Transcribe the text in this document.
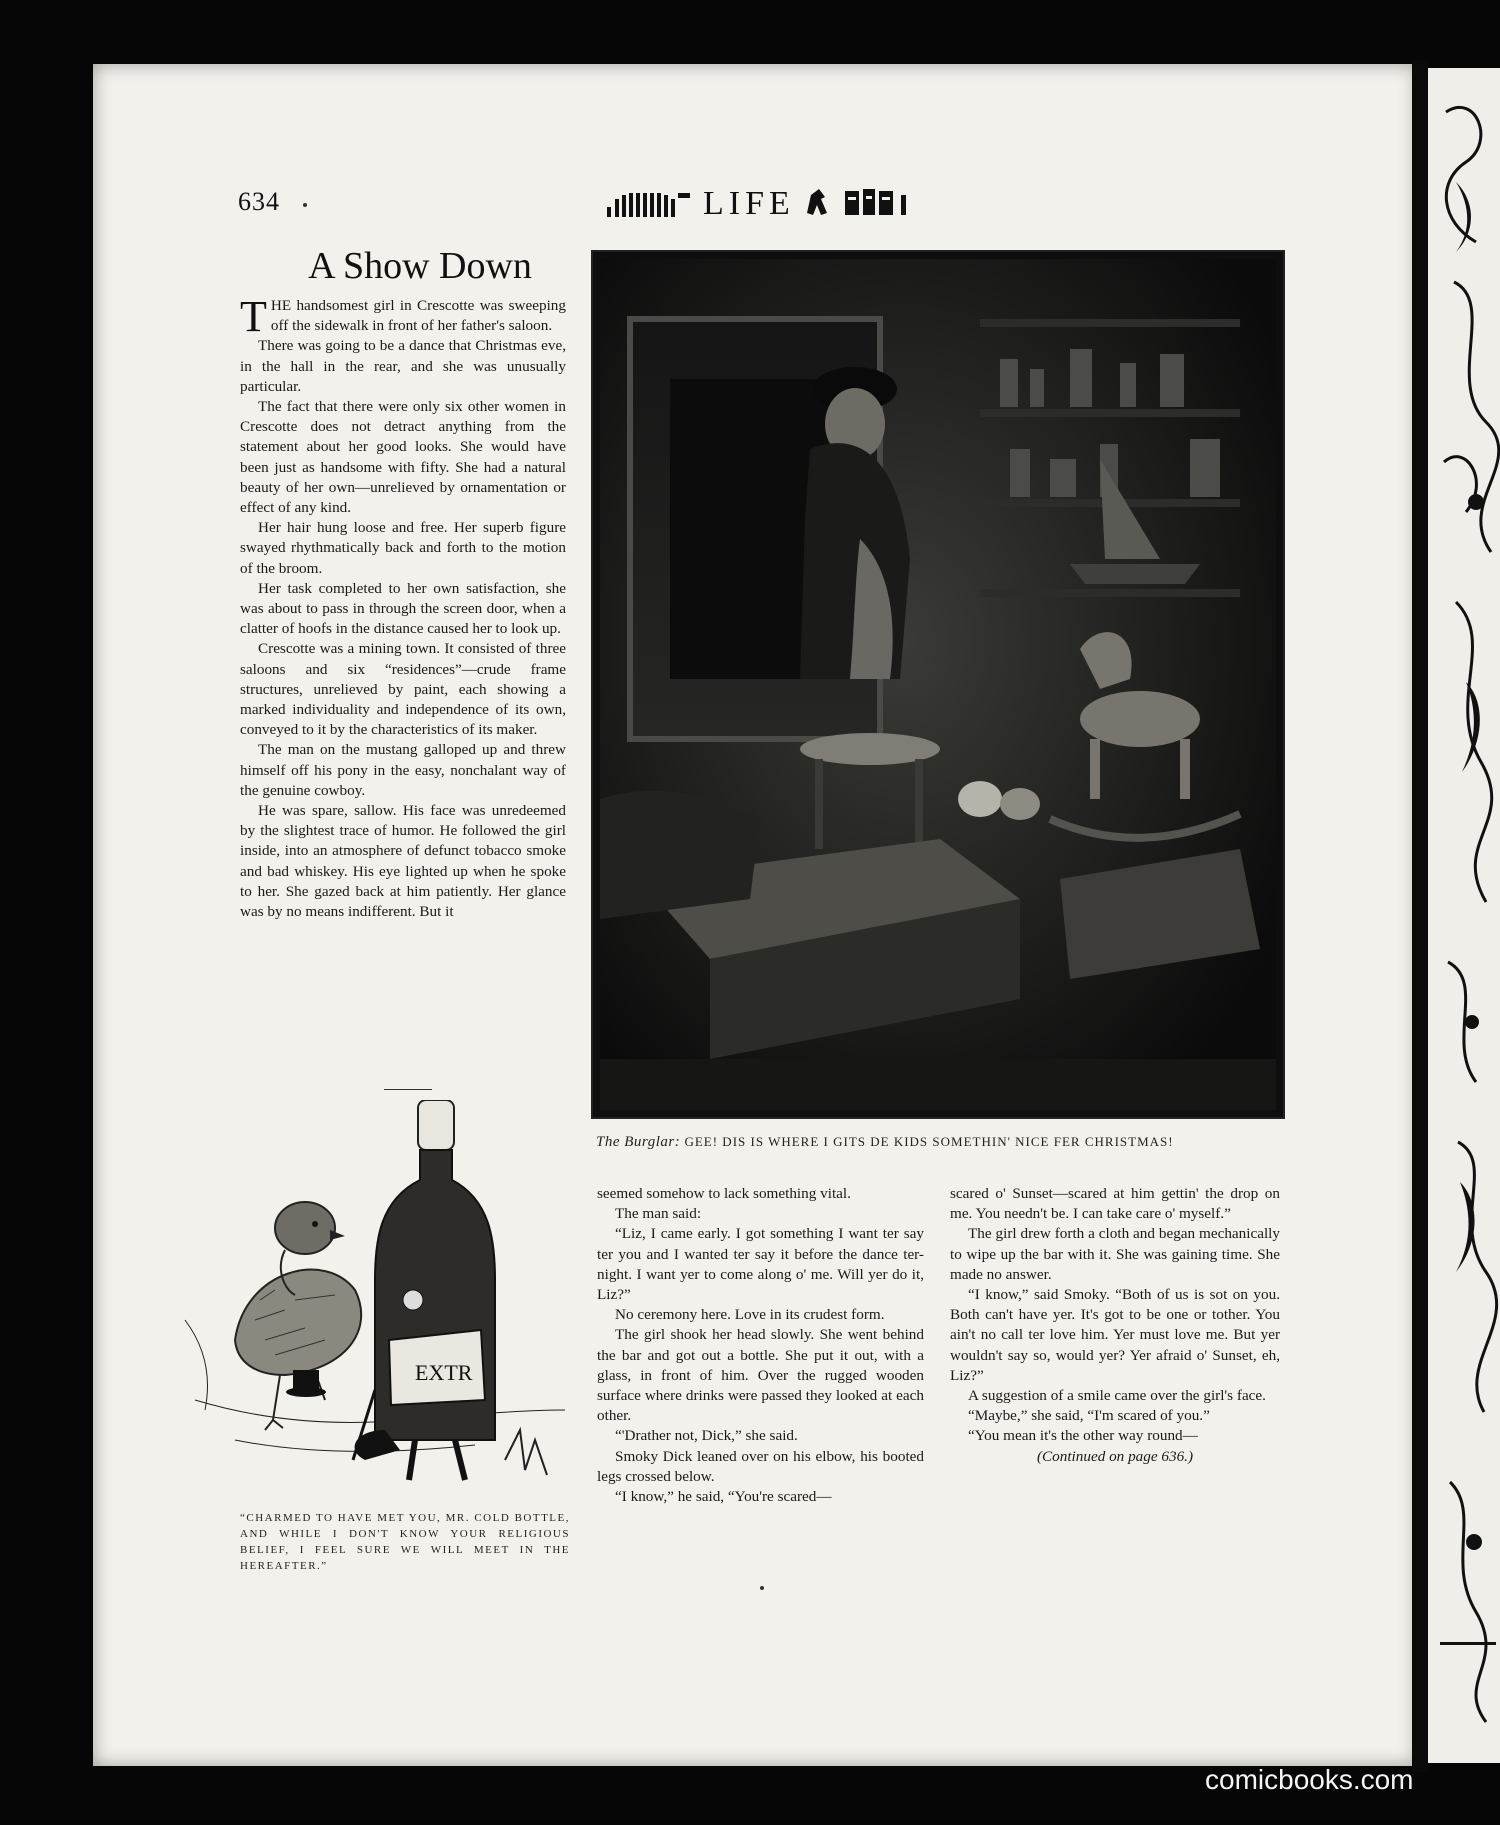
634	LIFE
A Show Down

THE handsomest girl in Crescotte was sweeping off the sidewalk in front of her father's saloon.

There was going to be a dance that Christmas eve, in the hall in the rear, and she was unusually particular.

The fact that there were only six other women in Crescotte does not detract anything from the statement about her good looks. She would have been just as handsome with fifty. She had a natural beauty of her own—unrelieved by ornamentation or effect of any kind.

Her hair hung loose and free. Her superb figure swayed rhythmatically back and forth to the motion of the broom.

Her task completed to her own satisfaction, she was about to pass in through the screen door, when a clatter of hoofs in the distance caused her to look up.

Crescotte was a mining town. It consisted of three saloons and six “residences”—crude frame structures, unrelieved by paint, each showing a marked individuality and independence of its own, conveyed to it by the characteristics of its maker.

The man on the mustang galloped up and threw himself off his pony in the easy, nonchalant way of the genuine cowboy.

He was spare, sallow. His face was unredeemed by the slightest trace of humor. He followed the girl inside, into an atmosphere of defunct tobacco smoke and bad whiskey. His eye lighted up when he spoke to her. She gazed back at him patiently. Her glance was by no means indifferent. But it

The Burglar: GEE! DIS IS WHERE I GITS DE KIDS SOMETHIN' NICE FER CHRISTMAS!
EXTR
“CHARMED TO HAVE MET YOU, MR. COLD BOTTLE, AND WHILE I DON'T KNOW YOUR RELIGIOUS BELIEF, I FEEL SURE WE WILL MEET IN THE HEREAFTER.”

seemed somehow to lack something vital.

The man said:

“Liz, I came early. I got something I want ter say ter you and I wanted ter say it before the dance ter-night. I want yer to come along o' me. Will yer do it, Liz?”

No ceremony here. Love in its crudest form.

The girl shook her head slowly. She went behind the bar and got out a bottle. She put it out, with a glass, in front of him. Over the rugged wooden surface where drinks were passed they looked at each other.

“'Drather not, Dick,” she said.

Smoky Dick leaned over on his elbow, his booted legs crossed below.

“I know,” he said, “You're scared—

scared o' Sunset—scared at him gettin' the drop on me. You needn't be. I can take care o' myself.”

The girl drew forth a cloth and began mechanically to wipe up the bar with it. She was gaining time. She made no answer.

“I know,” said Smoky. “Both of us is sot on you. Both can't have yer. It's got to be one or tother. You ain't no call ter love him. Yer must love me. But yer wouldn't say so, would yer? Yer afraid o' Sunset, eh, Liz?”

A suggestion of a smile came over the girl's face.

“Maybe,” she said, “I'm scared of you.”

“You mean it's the other way round—

(Continued on page 636.)

comicbooks.com
